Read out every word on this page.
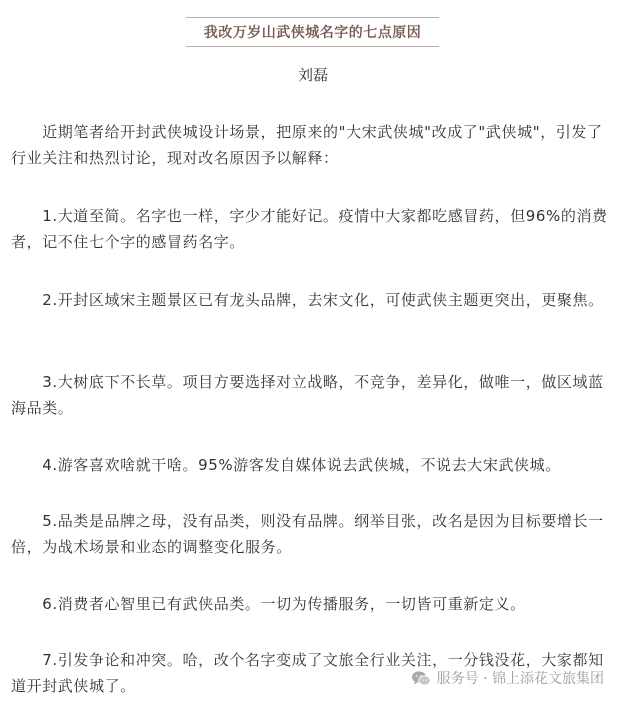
我改万岁山武侠城名字的七点原因
刘磊

　　近期笔者给开封武侠城设计场景，把原来的"大宋武侠城"改成了"武侠城"，引发了行业关注和热烈讨论，现对改名原因予以解释：

　　1.大道至简。名字也一样，字少才能好记。疫情中大家都吃感冒药，但96%的消费者，记不住七个字的感冒药名字。

　　2.开封区域宋主题景区已有龙头品牌，去宋文化，可使武侠主题更突出，更聚焦。

　　3.大树底下不长草。项目方要选择对立战略，不竞争，差异化，做唯一，做区域蓝海品类。

　　4.游客喜欢啥就干啥。95%游客发自媒体说去武侠城，不说去大宋武侠城。

　　5.品类是品牌之母，没有品类，则没有品牌。纲举目张，改名是因为目标要增长一倍，为战术场景和业态的调整变化服务。

　　6.消费者心智里已有武侠品类。一切为传播服务，一切皆可重新定义。

　　7.引发争论和冲突。哈，改个名字变成了文旅全行业关注，一分钱没花，大家都知道开封武侠城了。	服务号 · 锦上添花文旅集团
